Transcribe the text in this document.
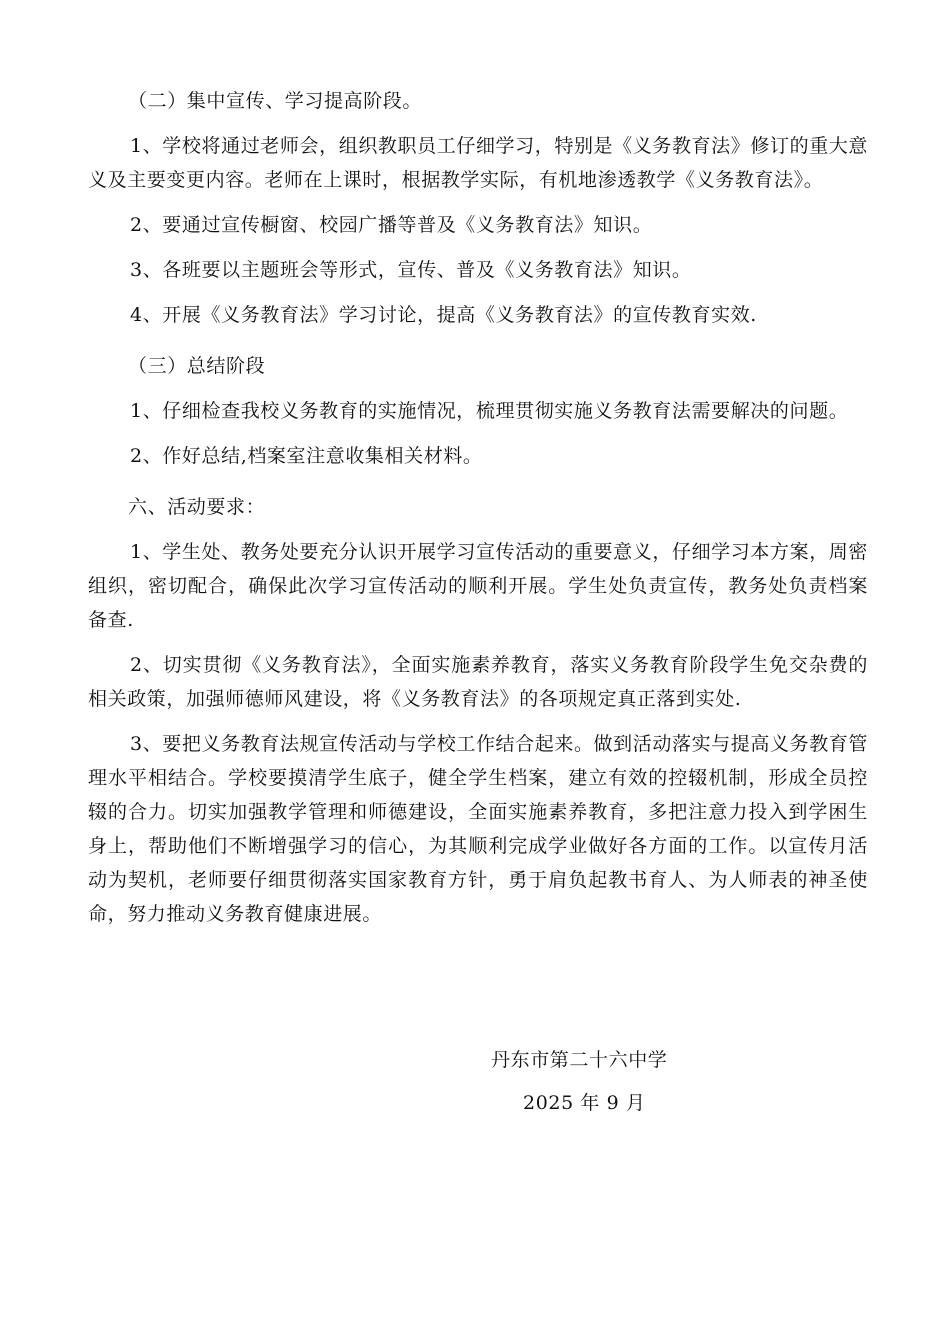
（二）集中宣传、学习提高阶段。

1、学校将通过老师会，组织教职员工仔细学习，特别是《义务教育法》修订的重大意义及主要变更内容。老师在上课时，根据教学实际，有机地渗透教学《义务教育法》。

2、要通过宣传橱窗、校园广播等普及《义务教育法》知识。

3、各班要以主题班会等形式，宣传、普及《义务教育法》知识。

4、开展《义务教育法》学习讨论，提高《义务教育法》的宣传教育实效.

（三）总结阶段

1、仔细检查我校义务教育的实施情况，梳理贯彻实施义务教育法需要解决的问题。

2、作好总结,档案室注意收集相关材料。

六、活动要求：

1、学生处、教务处要充分认识开展学习宣传活动的重要意义，仔细学习本方案，周密组织，密切配合，确保此次学习宣传活动的顺利开展。学生处负责宣传，教务处负责档案备查.

2、切实贯彻《义务教育法》，全面实施素养教育，落实义务教育阶段学生免交杂费的相关政策，加强师德师风建设，将《义务教育法》的各项规定真正落到实处.

3、要把义务教育法规宣传活动与学校工作结合起来。做到活动落实与提高义务教育管理水平相结合。学校要摸清学生底子，健全学生档案，建立有效的控辍机制，形成全员控辍的合力。切实加强教学管理和师德建设，全面实施素养教育，多把注意力投入到学困生身上，帮助他们不断增强学习的信心，为其顺利完成学业做好各方面的工作。以宣传月活动为契机，老师要仔细贯彻落实国家教育方针，勇于肩负起教书育人、为人师表的神圣使命，努力推动义务教育健康进展。

丹东市第二十六中学
2025 年 9 月
